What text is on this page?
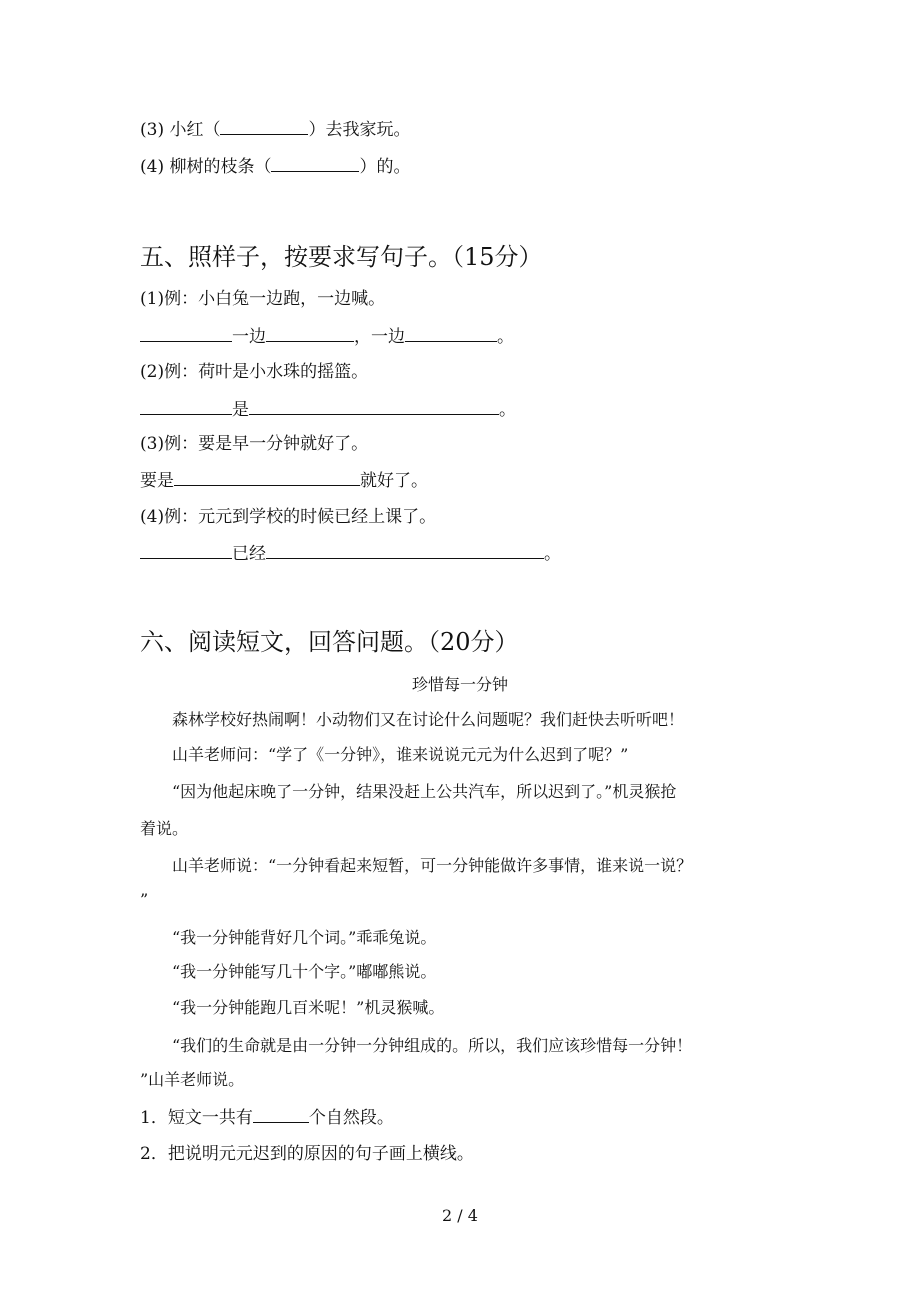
zixin.com.cn
(3) 小红（	）去我家玩。
(4) 柳树的枝条（	）的。
五、照样子，按要求写句子。（15分）
(1)例：小白兔一边跑，一边喊。
一边	，一边	。
(2)例：荷叶是小水珠的摇篮。
是	。
(3)例：要是早一分钟就好了。
要是	就好了。
(4)例：元元到学校的时候已经上课了。
已经	。
六、阅读短文，回答问题。（20分）
珍惜每一分钟
森林学校好热闹啊！小动物们又在讨论什么问题呢？我们赶快去听听吧！
山羊老师问：“学了《一分钟》，谁来说说元元为什么迟到了呢？”
“因为他起床晚了一分钟，结果没赶上公共汽车，所以迟到了。”机灵猴抢
着说。
山羊老师说：“一分钟看起来短暂，可一分钟能做许多事情，谁来说一说？
”
“我一分钟能背好几个词。”乖乖兔说。
“我一分钟能写几十个字。”嘟嘟熊说。
“我一分钟能跑几百米呢！”机灵猴喊。
“我们的生命就是由一分钟一分钟组成的。所以，我们应该珍惜每一分钟！
”山羊老师说。
1．短文一共有	个自然段。
2．把说明元元迟到的原因的句子画上横线。
2 / 4
